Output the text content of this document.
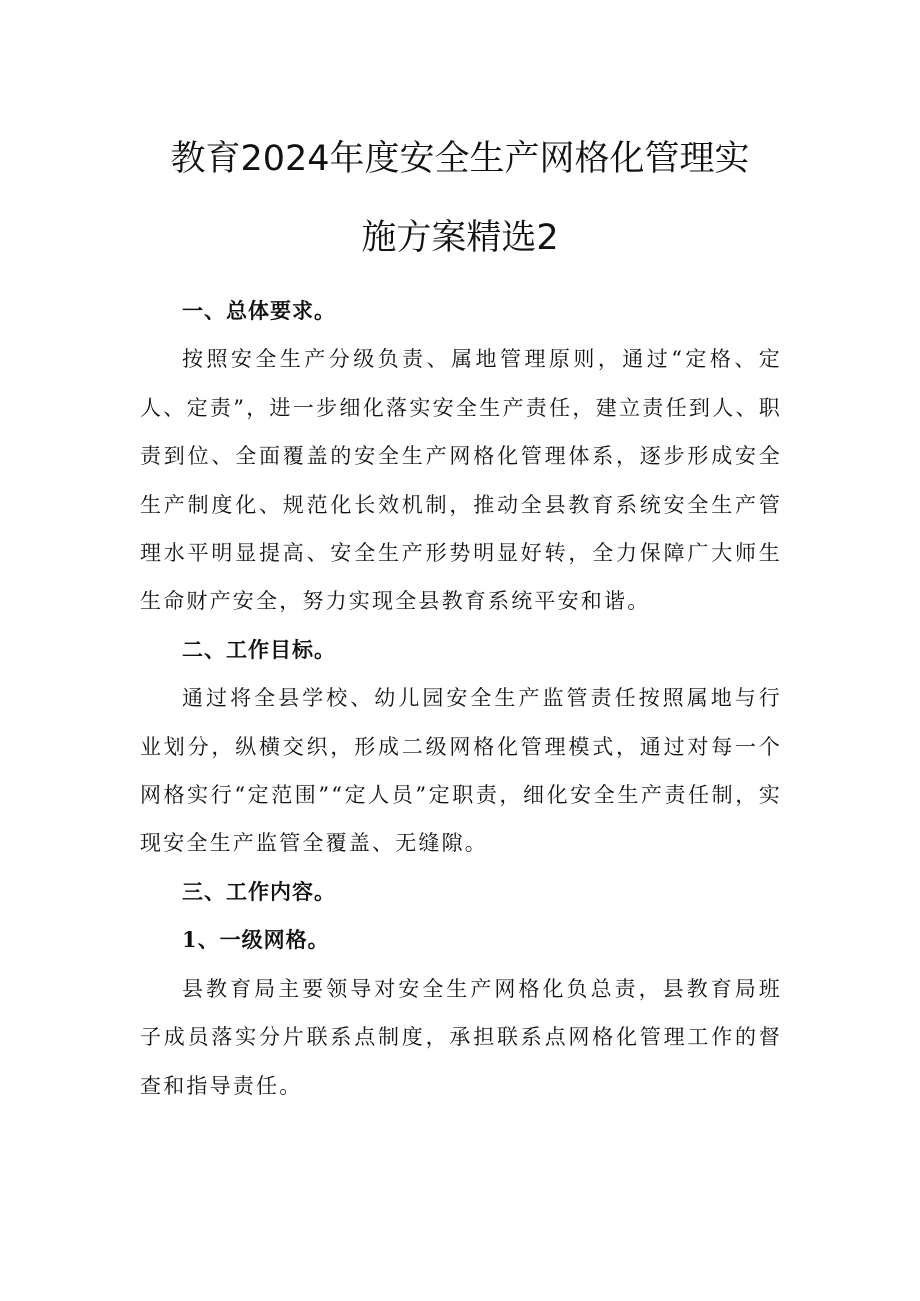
教育2024年度安全生产网格化管理实
施方案精选2

一、总体要求。

按照安全生产分级负责、属地管理原则，通过“定格、定人、定责”，进一步细化落实安全生产责任，建立责任到人、职责到位、全面覆盖的安全生产网格化管理体系，逐步形成安全生产制度化、规范化长效机制，推动全县教育系统安全生产管理水平明显提高、安全生产形势明显好转，全力保障广大师生生命财产安全，努力实现全县教育系统平安和谐。

二、工作目标。

通过将全县学校、幼儿园安全生产监管责任按照属地与行业划分，纵横交织，形成二级网格化管理模式，通过对每一个网格实行“定范围”“定人员”定职责，细化安全生产责任制，实现安全生产监管全覆盖、无缝隙。

三、工作内容。

1、一级网格。

县教育局主要领导对安全生产网格化负总责，县教育局班子成员落实分片联系点制度，承担联系点网格化管理工作的督查和指导责任。
